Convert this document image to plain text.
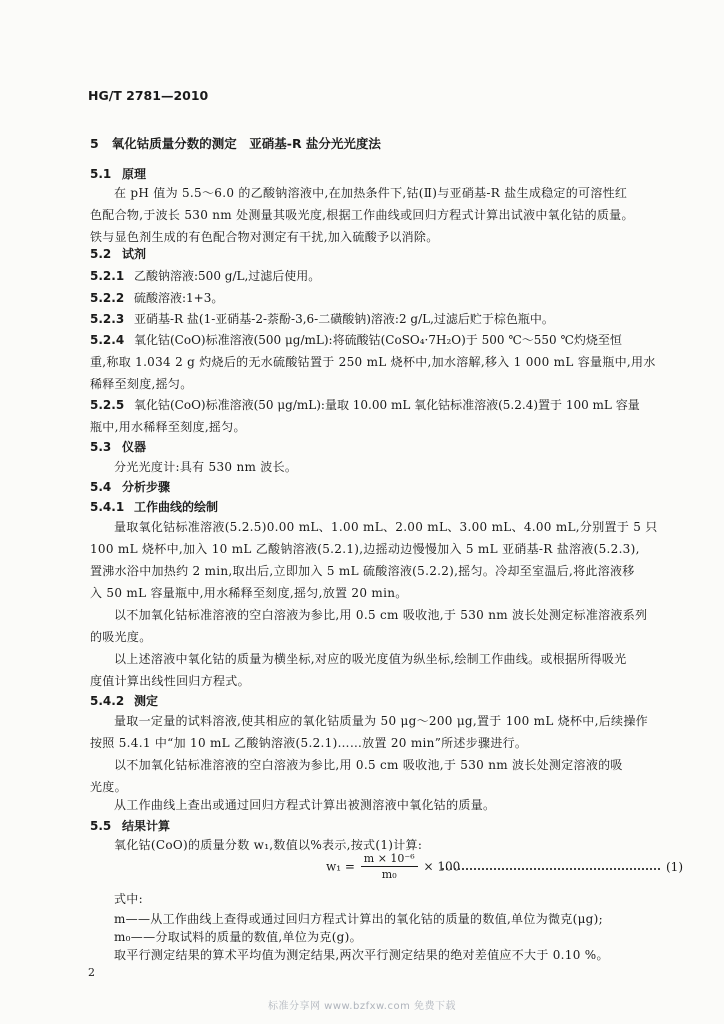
HG/T 2781—2010
5 氧化钴质量分数的测定　亚硝基-R 盐分光光度法
5.1 原理
在 pH 值为 5.5～6.0 的乙酸钠溶液中,在加热条件下,钴(Ⅱ)与亚硝基-R 盐生成稳定的可溶性红
色配合物,于波长 530 nm 处测量其吸光度,根据工作曲线或回归方程式计算出试液中氧化钴的质量。
铁与显色剂生成的有色配合物对测定有干扰,加入硫酸予以消除。
5.2 试剂
5.2.1 乙酸钠溶液:500 g/L,过滤后使用。
5.2.2 硫酸溶液:1+3。
5.2.3 亚硝基-R 盐(1-亚硝基-2-萘酚-3,6-二磺酸钠)溶液:2 g/L,过滤后贮于棕色瓶中。
5.2.4 氧化钴(CoO)标准溶液(500 μg/mL):将硫酸钴(CoSO₄·7H₂O)于 500 ℃～550 ℃灼烧至恒
重,称取 1.034 2 g 灼烧后的无水硫酸钴置于 250 mL 烧杯中,加水溶解,移入 1 000 mL 容量瓶中,用水
稀释至刻度,摇匀。
5.2.5 氧化钴(CoO)标准溶液(50 μg/mL):量取 10.00 mL 氧化钴标准溶液(5.2.4)置于 100 mL 容量
瓶中,用水稀释至刻度,摇匀。
5.3 仪器
分光光度计:具有 530 nm 波长。
5.4 分析步骤
5.4.1 工作曲线的绘制
量取氧化钴标准溶液(5.2.5)0.00 mL、1.00 mL、2.00 mL、3.00 mL、4.00 mL,分别置于 5 只
100 mL 烧杯中,加入 10 mL 乙酸钠溶液(5.2.1),边摇动边慢慢加入 5 mL 亚硝基-R 盐溶液(5.2.3),
置沸水浴中加热约 2 min,取出后,立即加入 5 mL 硫酸溶液(5.2.2),摇匀。冷却至室温后,将此溶液移
入 50 mL 容量瓶中,用水稀释至刻度,摇匀,放置 20 min。
以不加氧化钴标准溶液的空白溶液为参比,用 0.5 cm 吸收池,于 530 nm 波长处测定标准溶液系列
的吸光度。
以上述溶液中氧化钴的质量为横坐标,对应的吸光度值为纵坐标,绘制工作曲线。或根据所得吸光
度值计算出线性回归方程式。
5.4.2 测定
量取一定量的试料溶液,使其相应的氧化钴质量为 50 μg～200 μg,置于 100 mL 烧杯中,后续操作
按照 5.4.1 中“加 10 mL 乙酸钠溶液(5.2.1)……放置 20 min”所述步骤进行。
以不加氧化钴标准溶液的空白溶液为参比,用 0.5 cm 吸收池,于 530 nm 波长处测定溶液的吸
光度。
从工作曲线上查出或通过回归方程式计算出被测溶液中氧化钴的质量。
5.5 结果计算
氧化钴(CoO)的质量分数 w₁,数值以%表示,按式(1)计算:
$w_1 = \frac{\text{m × 10⁻⁶}}{\text{m₀}} \times 100$	(1)
式中:
m——从工作曲线上查得或通过回归方程式计算出的氧化钴的质量的数值,单位为微克(μg);
m₀——分取试料的质量的数值,单位为克(g)。
取平行测定结果的算术平均值为测定结果,两次平行测定结果的绝对差值应不大于 0.10 %。
2
标准分享网 www.bzfxw.com 免费下载
